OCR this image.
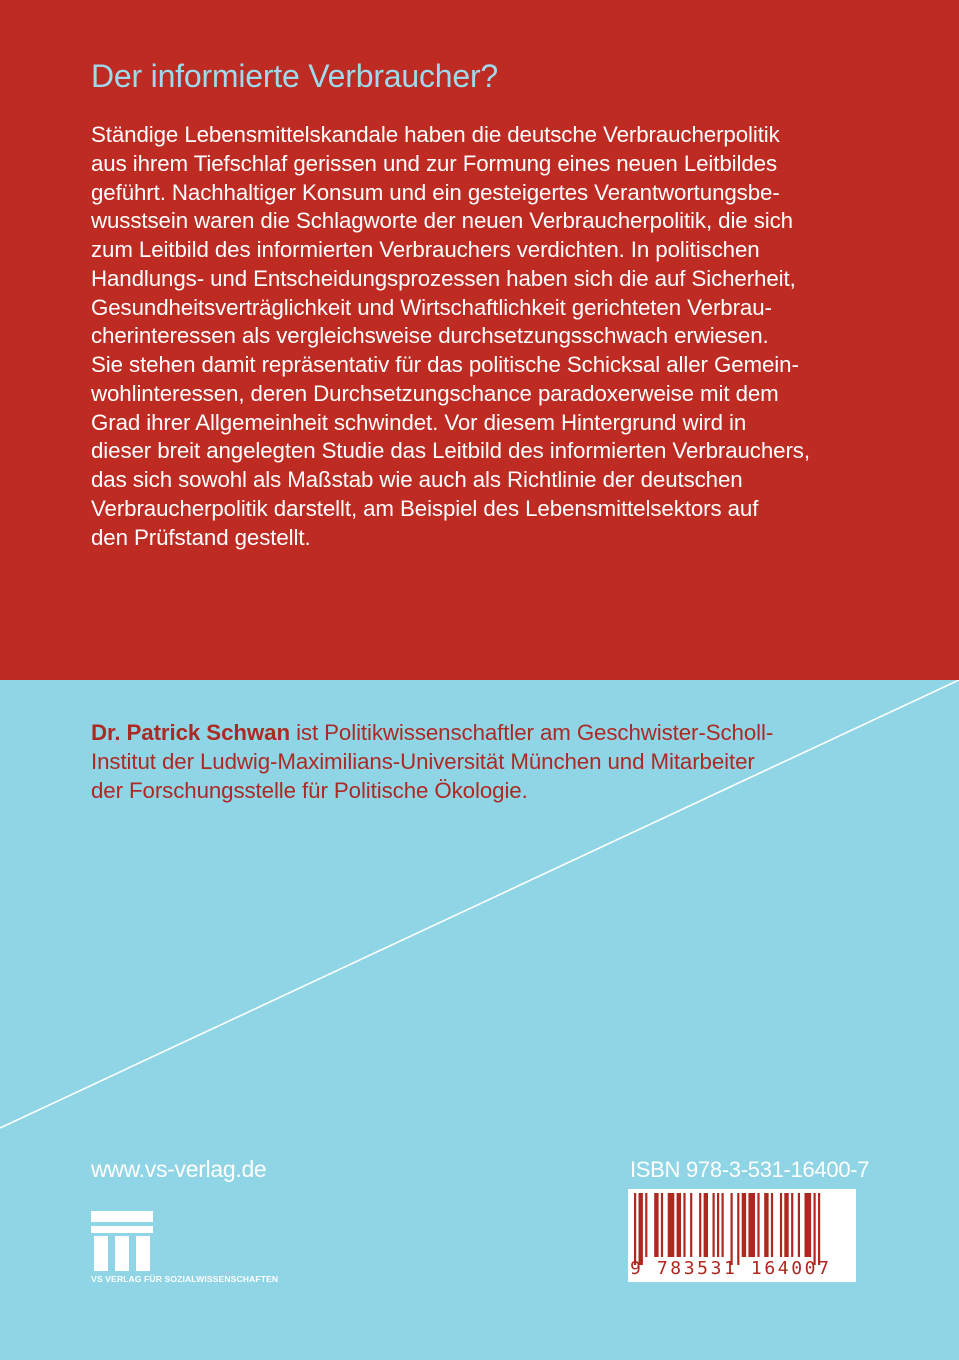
Der informierte Verbraucher?
Ständige Lebensmittelskandale haben die deutsche Verbraucherpolitik
aus ihrem Tiefschlaf gerissen und zur Formung eines neuen Leitbildes
geführt. Nachhaltiger Konsum und ein gesteigertes Verantwortungsbe-
wusstsein waren die Schlagworte der neuen Verbraucherpolitik, die sich
zum Leitbild des informierten Verbrauchers verdichten. In politischen
Handlungs- und Entscheidungsprozessen haben sich die auf Sicherheit,
Gesundheitsverträglichkeit und Wirtschaftlichkeit gerichteten Verbrau-
cherinteressen als vergleichsweise durchsetzungsschwach erwiesen.
Sie stehen damit repräsentativ für das politische Schicksal aller Gemein-
wohlinteressen, deren Durchsetzungschance paradoxerweise mit dem
Grad ihrer Allgemeinheit schwindet. Vor diesem Hintergrund wird in
dieser breit angelegten Studie das Leitbild des informierten Verbrauchers,
das sich sowohl als Maßstab wie auch als Richtlinie der deutschen
Verbraucherpolitik darstellt, am Beispiel des Lebensmittelsektors auf
den Prüfstand gestellt.
Dr. Patrick Schwan ist Politikwissenschaftler am Geschwister-Scholl-
Institut der Ludwig-Maximilians-Universität München und Mitarbeiter
der Forschungsstelle für Politische Ökologie.
www.vs-verlag.de
VS VERLAG FÜR SOZIALWISSENSCHAFTEN
ISBN 978-3-531-16400-7
9 783531 164007
